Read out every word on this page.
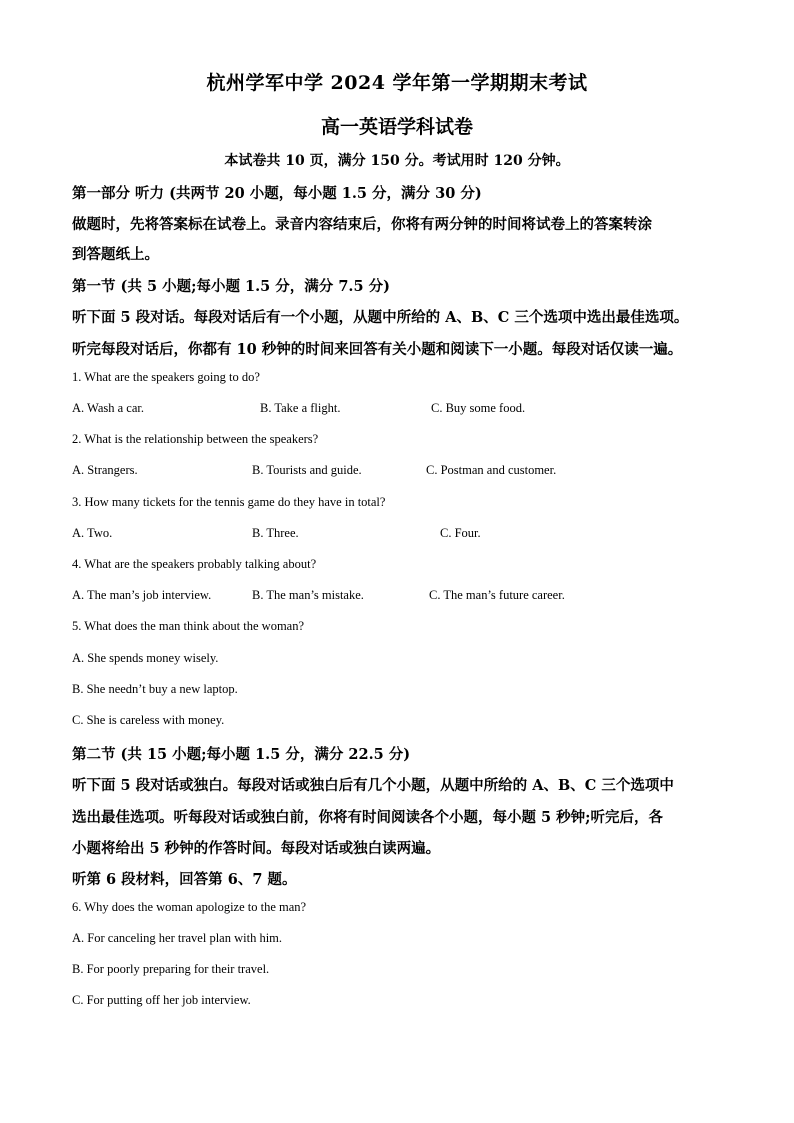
杭州学军中学 2024 学年第一学期期末考试
高一英语学科试卷
本试卷共 10 页，满分 150 分。考试用时 120 分钟。
第一部分 听力 (共两节 20 小题，每小题 1.5 分，满分 30 分)
做题时，先将答案标在试卷上。录音内容结束后，你将有两分钟的时间将试卷上的答案转涂
到答题纸上。
第一节 (共 5 小题;每小题 1.5 分，满分 7.5 分)
听下面 5 段对话。每段对话后有一个小题，从题中所给的 A、B、C 三个选项中选出最佳选项。
听完每段对话后，你都有 10 秒钟的时间来回答有关小题和阅读下一小题。每段对话仅读一遍。
1. What are the speakers going to do?
A. Wash a car.	B. Take a flight.	C. Buy some food.
2. What is the relationship between the speakers?
A. Strangers.	B. Tourists and guide.	C. Postman and customer.
3. How many tickets for the tennis game do they have in total?
A. Two.	B. Three.	C. Four.
4. What are the speakers probably talking about?
A. The man’s job interview.	B. The man’s mistake.	C. The man’s future career.
5. What does the man think about the woman?
A. She spends money wisely.
B. She needn’t buy a new laptop.
C. She is careless with money.
第二节 (共 15 小题;每小题 1.5 分，满分 22.5 分)
听下面 5 段对话或独白。每段对话或独白后有几个小题，从题中所给的 A、B、C 三个选项中
选出最佳选项。听每段对话或独白前，你将有时间阅读各个小题，每小题 5 秒钟;听完后，各
小题将给出 5 秒钟的作答时间。每段对话或独白读两遍。
听第 6 段材料，回答第 6、7 题。
6. Why does the woman apologize to the man?
A. For canceling her travel plan with him.
B. For poorly preparing for their travel.
C. For putting off her job interview.
